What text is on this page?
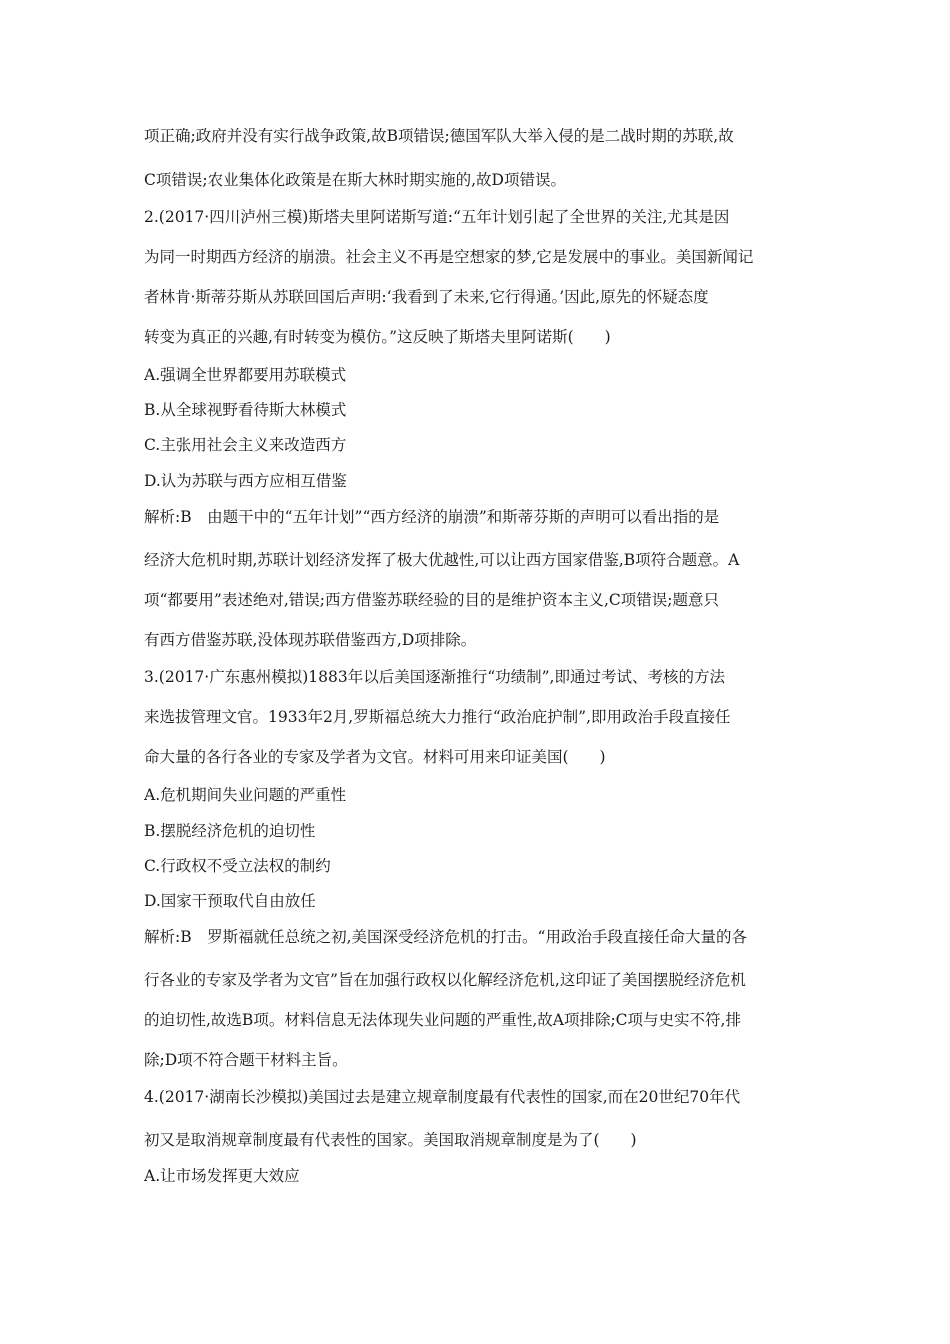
项正确;政府并没有实行战争政策,故B项错误;德国军队大举入侵的是二战时期的苏联,故
C项错误;农业集体化政策是在斯大林时期实施的,故D项错误。
2.(2017·四川泸州三模)斯塔夫里阿诺斯写道:“五年计划引起了全世界的关注,尤其是因
为同一时期西方经济的崩溃。社会主义不再是空想家的梦,它是发展中的事业。美国新闻记
者林肯·斯蒂芬斯从苏联回国后声明:‘我看到了未来,它行得通。’因此,原先的怀疑态度
转变为真正的兴趣,有时转变为模仿。”这反映了斯塔夫里阿诺斯(　　)
A.强调全世界都要用苏联模式
B.从全球视野看待斯大林模式
C.主张用社会主义来改造西方
D.认为苏联与西方应相互借鉴
解析:B　由题干中的“五年计划”“西方经济的崩溃”和斯蒂芬斯的声明可以看出指的是
经济大危机时期,苏联计划经济发挥了极大优越性,可以让西方国家借鉴,B项符合题意。A
项“都要用”表述绝对,错误;西方借鉴苏联经验的目的是维护资本主义,C项错误;题意只
有西方借鉴苏联,没体现苏联借鉴西方,D项排除。
3.(2017·广东惠州模拟)1883年以后美国逐渐推行“功绩制”,即通过考试、考核的方法
来选拔管理文官。1933年2月,罗斯福总统大力推行“政治庇护制”,即用政治手段直接任
命大量的各行各业的专家及学者为文官。材料可用来印证美国(　　)
A.危机期间失业问题的严重性
B.摆脱经济危机的迫切性
C.行政权不受立法权的制约
D.国家干预取代自由放任
解析:B　罗斯福就任总统之初,美国深受经济危机的打击。“用政治手段直接任命大量的各
行各业的专家及学者为文官”旨在加强行政权以化解经济危机,这印证了美国摆脱经济危机
的迫切性,故选B项。材料信息无法体现失业问题的严重性,故A项排除;C项与史实不符,排
除;D项不符合题干材料主旨。
4.(2017·湖南长沙模拟)美国过去是建立规章制度最有代表性的国家,而在20世纪70年代
初又是取消规章制度最有代表性的国家。美国取消规章制度是为了(　　)
A.让市场发挥更大效应
